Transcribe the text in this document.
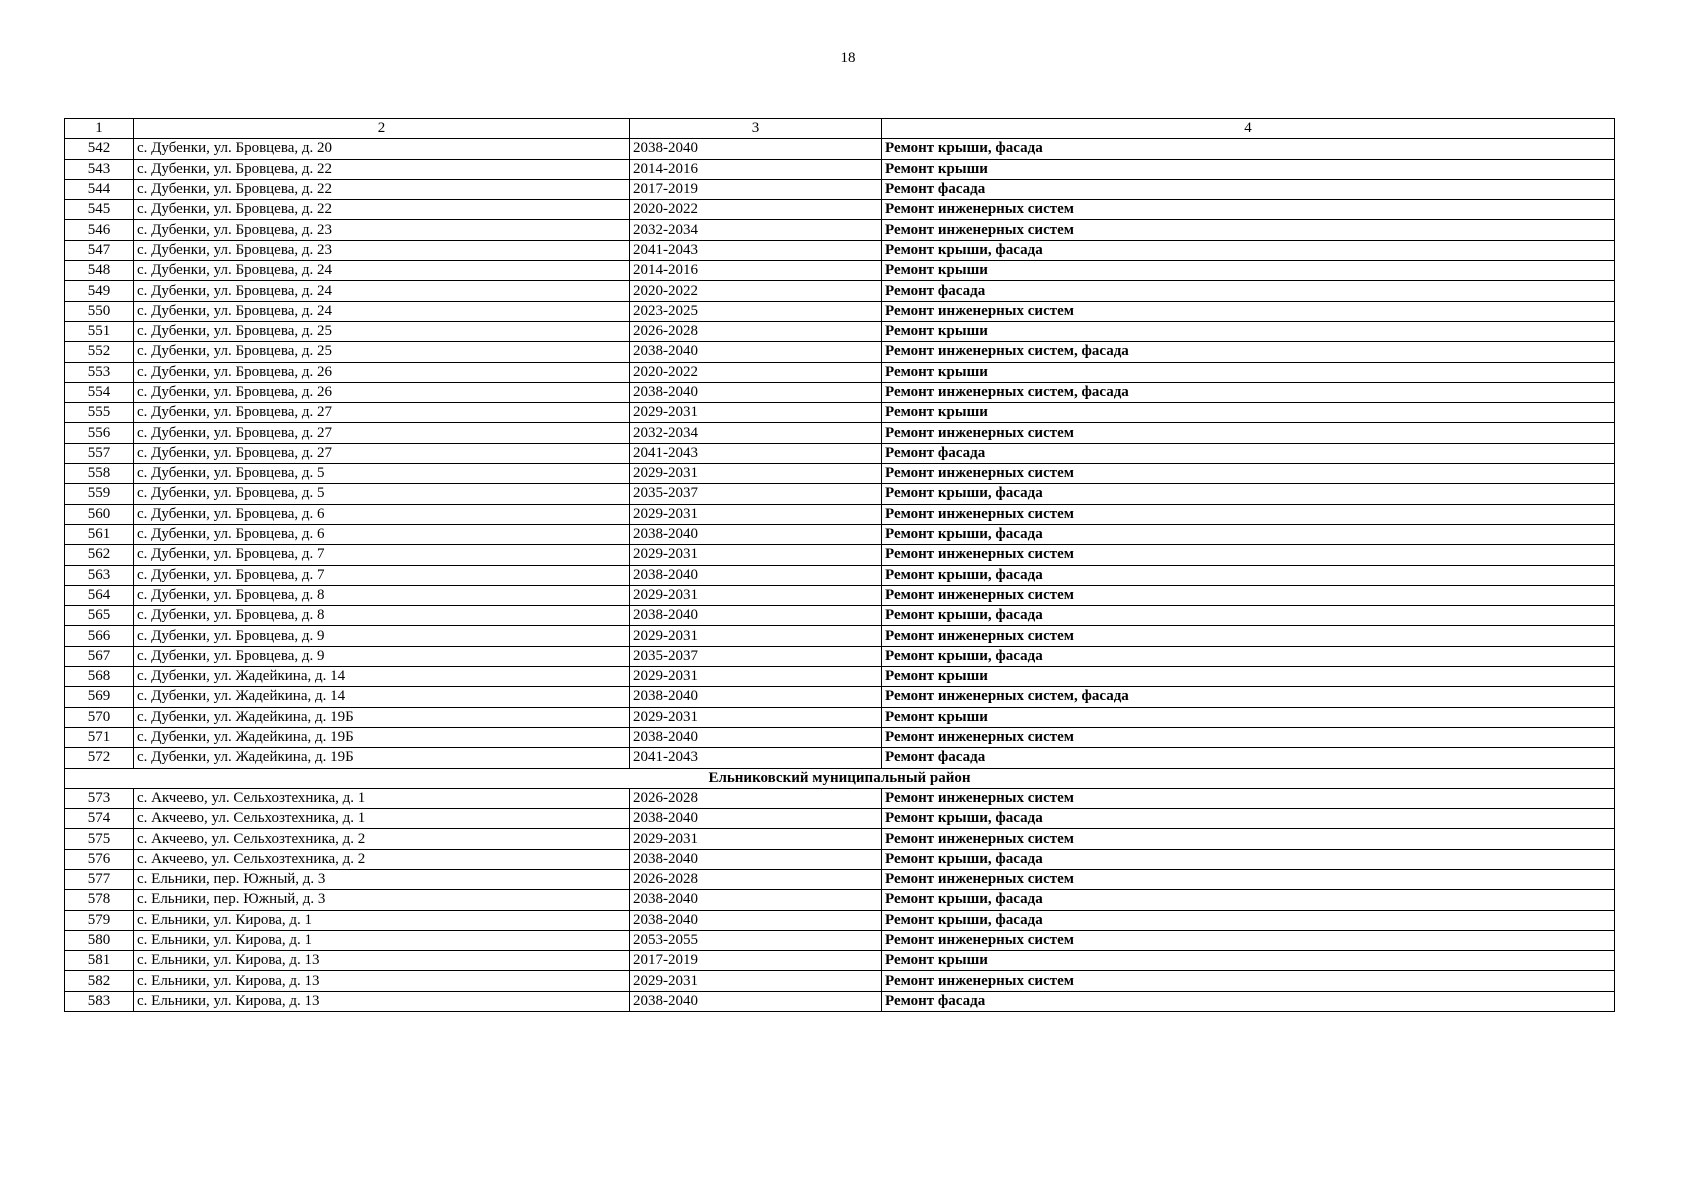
18
1	2	3	4
542	с. Дубенки, ул. Бровцева, д. 20	2038-2040	Ремонт крыши, фасада
543	с. Дубенки, ул. Бровцева, д. 22	2014-2016	Ремонт крыши
544	с. Дубенки, ул. Бровцева, д. 22	2017-2019	Ремонт фасада
545	с. Дубенки, ул. Бровцева, д. 22	2020-2022	Ремонт инженерных систем
546	с. Дубенки, ул. Бровцева, д. 23	2032-2034	Ремонт инженерных систем
547	с. Дубенки, ул. Бровцева, д. 23	2041-2043	Ремонт крыши, фасада
548	с. Дубенки, ул. Бровцева, д. 24	2014-2016	Ремонт крыши
549	с. Дубенки, ул. Бровцева, д. 24	2020-2022	Ремонт фасада
550	с. Дубенки, ул. Бровцева, д. 24	2023-2025	Ремонт инженерных систем
551	с. Дубенки, ул. Бровцева, д. 25	2026-2028	Ремонт крыши
552	с. Дубенки, ул. Бровцева, д. 25	2038-2040	Ремонт инженерных систем, фасада
553	с. Дубенки, ул. Бровцева, д. 26	2020-2022	Ремонт крыши
554	с. Дубенки, ул. Бровцева, д. 26	2038-2040	Ремонт инженерных систем, фасада
555	с. Дубенки, ул. Бровцева, д. 27	2029-2031	Ремонт крыши
556	с. Дубенки, ул. Бровцева, д. 27	2032-2034	Ремонт инженерных систем
557	с. Дубенки, ул. Бровцева, д. 27	2041-2043	Ремонт фасада
558	с. Дубенки, ул. Бровцева, д. 5	2029-2031	Ремонт инженерных систем
559	с. Дубенки, ул. Бровцева, д. 5	2035-2037	Ремонт крыши, фасада
560	с. Дубенки, ул. Бровцева, д. 6	2029-2031	Ремонт инженерных систем
561	с. Дубенки, ул. Бровцева, д. 6	2038-2040	Ремонт крыши, фасада
562	с. Дубенки, ул. Бровцева, д. 7	2029-2031	Ремонт инженерных систем
563	с. Дубенки, ул. Бровцева, д. 7	2038-2040	Ремонт крыши, фасада
564	с. Дубенки, ул. Бровцева, д. 8	2029-2031	Ремонт инженерных систем
565	с. Дубенки, ул. Бровцева, д. 8	2038-2040	Ремонт крыши, фасада
566	с. Дубенки, ул. Бровцева, д. 9	2029-2031	Ремонт инженерных систем
567	с. Дубенки, ул. Бровцева, д. 9	2035-2037	Ремонт крыши, фасада
568	с. Дубенки, ул. Жадейкина, д. 14	2029-2031	Ремонт крыши
569	с. Дубенки, ул. Жадейкина, д. 14	2038-2040	Ремонт инженерных систем, фасада
570	с. Дубенки, ул. Жадейкина, д. 19Б	2029-2031	Ремонт крыши
571	с. Дубенки, ул. Жадейкина, д. 19Б	2038-2040	Ремонт инженерных систем
572	с. Дубенки, ул. Жадейкина, д. 19Б	2041-2043	Ремонт фасада
Ельниковский муниципальный район			
573	с. Акчеево, ул. Сельхозтехника, д. 1	2026-2028	Ремонт инженерных систем
574	с. Акчеево, ул. Сельхозтехника, д. 1	2038-2040	Ремонт крыши, фасада
575	с. Акчеево, ул. Сельхозтехника, д. 2	2029-2031	Ремонт инженерных систем
576	с. Акчеево, ул. Сельхозтехника, д. 2	2038-2040	Ремонт крыши, фасада
577	с. Ельники, пер. Южный, д. 3	2026-2028	Ремонт инженерных систем
578	с. Ельники, пер. Южный, д. 3	2038-2040	Ремонт крыши, фасада
579	с. Ельники, ул. Кирова, д. 1	2038-2040	Ремонт крыши, фасада
580	с. Ельники, ул. Кирова, д. 1	2053-2055	Ремонт инженерных систем
581	с. Ельники, ул. Кирова, д. 13	2017-2019	Ремонт крыши
582	с. Ельники, ул. Кирова, д. 13	2029-2031	Ремонт инженерных систем
583	с. Ельники, ул. Кирова, д. 13	2038-2040	Ремонт фасада
